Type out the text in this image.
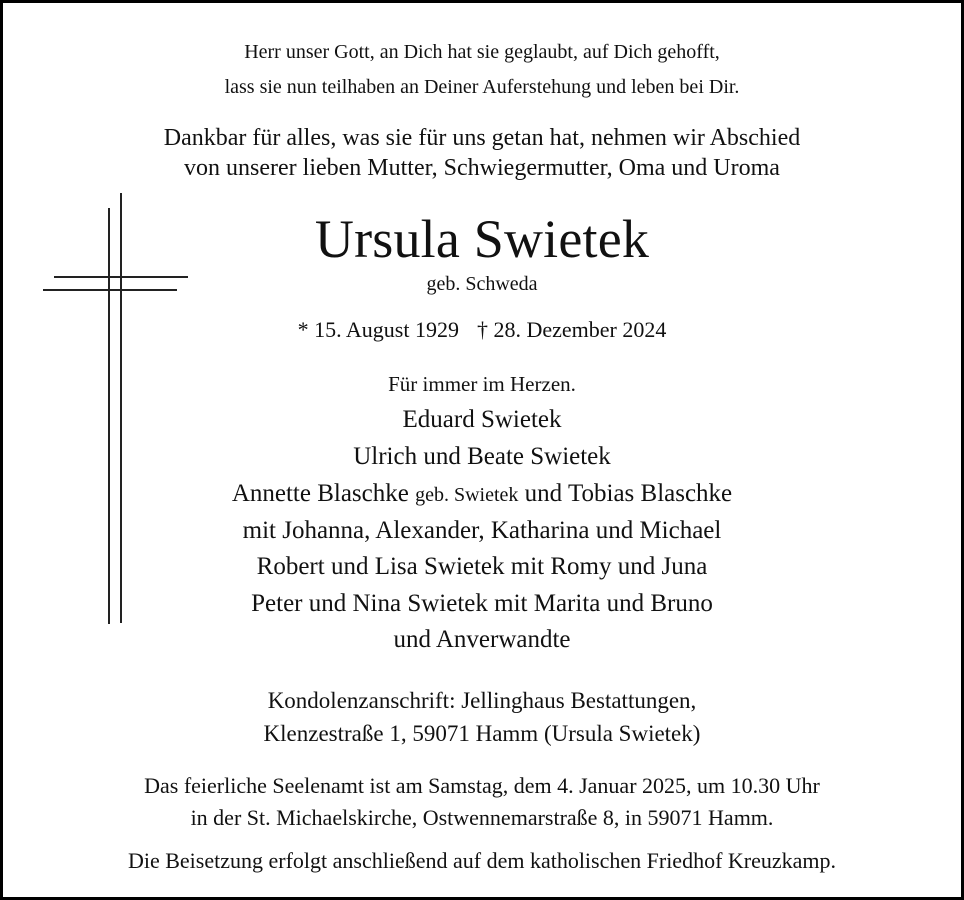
Herr unser Gott, an Dich hat sie geglaubt, auf Dich gehofft,
lass sie nun teilhaben an Deiner Auferstehung und leben bei Dir.
Dankbar für alles, was sie für uns getan hat, nehmen wir Abschied
von unserer lieben Mutter, Schwiegermutter, Oma und Uroma
Ursula Swietek
geb. Schweda
* 15. August 1929 † 28. Dezember 2024
Für immer im Herzen.
Eduard Swietek
Ulrich und Beate Swietek
Annette Blaschke geb. Swietek und Tobias Blaschke
mit Johanna, Alexander, Katharina und Michael
Robert und Lisa Swietek mit Romy und Juna
Peter und Nina Swietek mit Marita und Bruno
und Anverwandte
Kondolenzanschrift: Jellinghaus Bestattungen,
Klenzestraße 1, 59071 Hamm (Ursula Swietek)
Das feierliche Seelenamt ist am Samstag, dem 4. Januar 2025, um 10.30 Uhr
in der St. Michaelskirche, Ostwennemarstraße 8, in 59071 Hamm.
Die Beisetzung erfolgt anschließend auf dem katholischen Friedhof Kreuzkamp.
